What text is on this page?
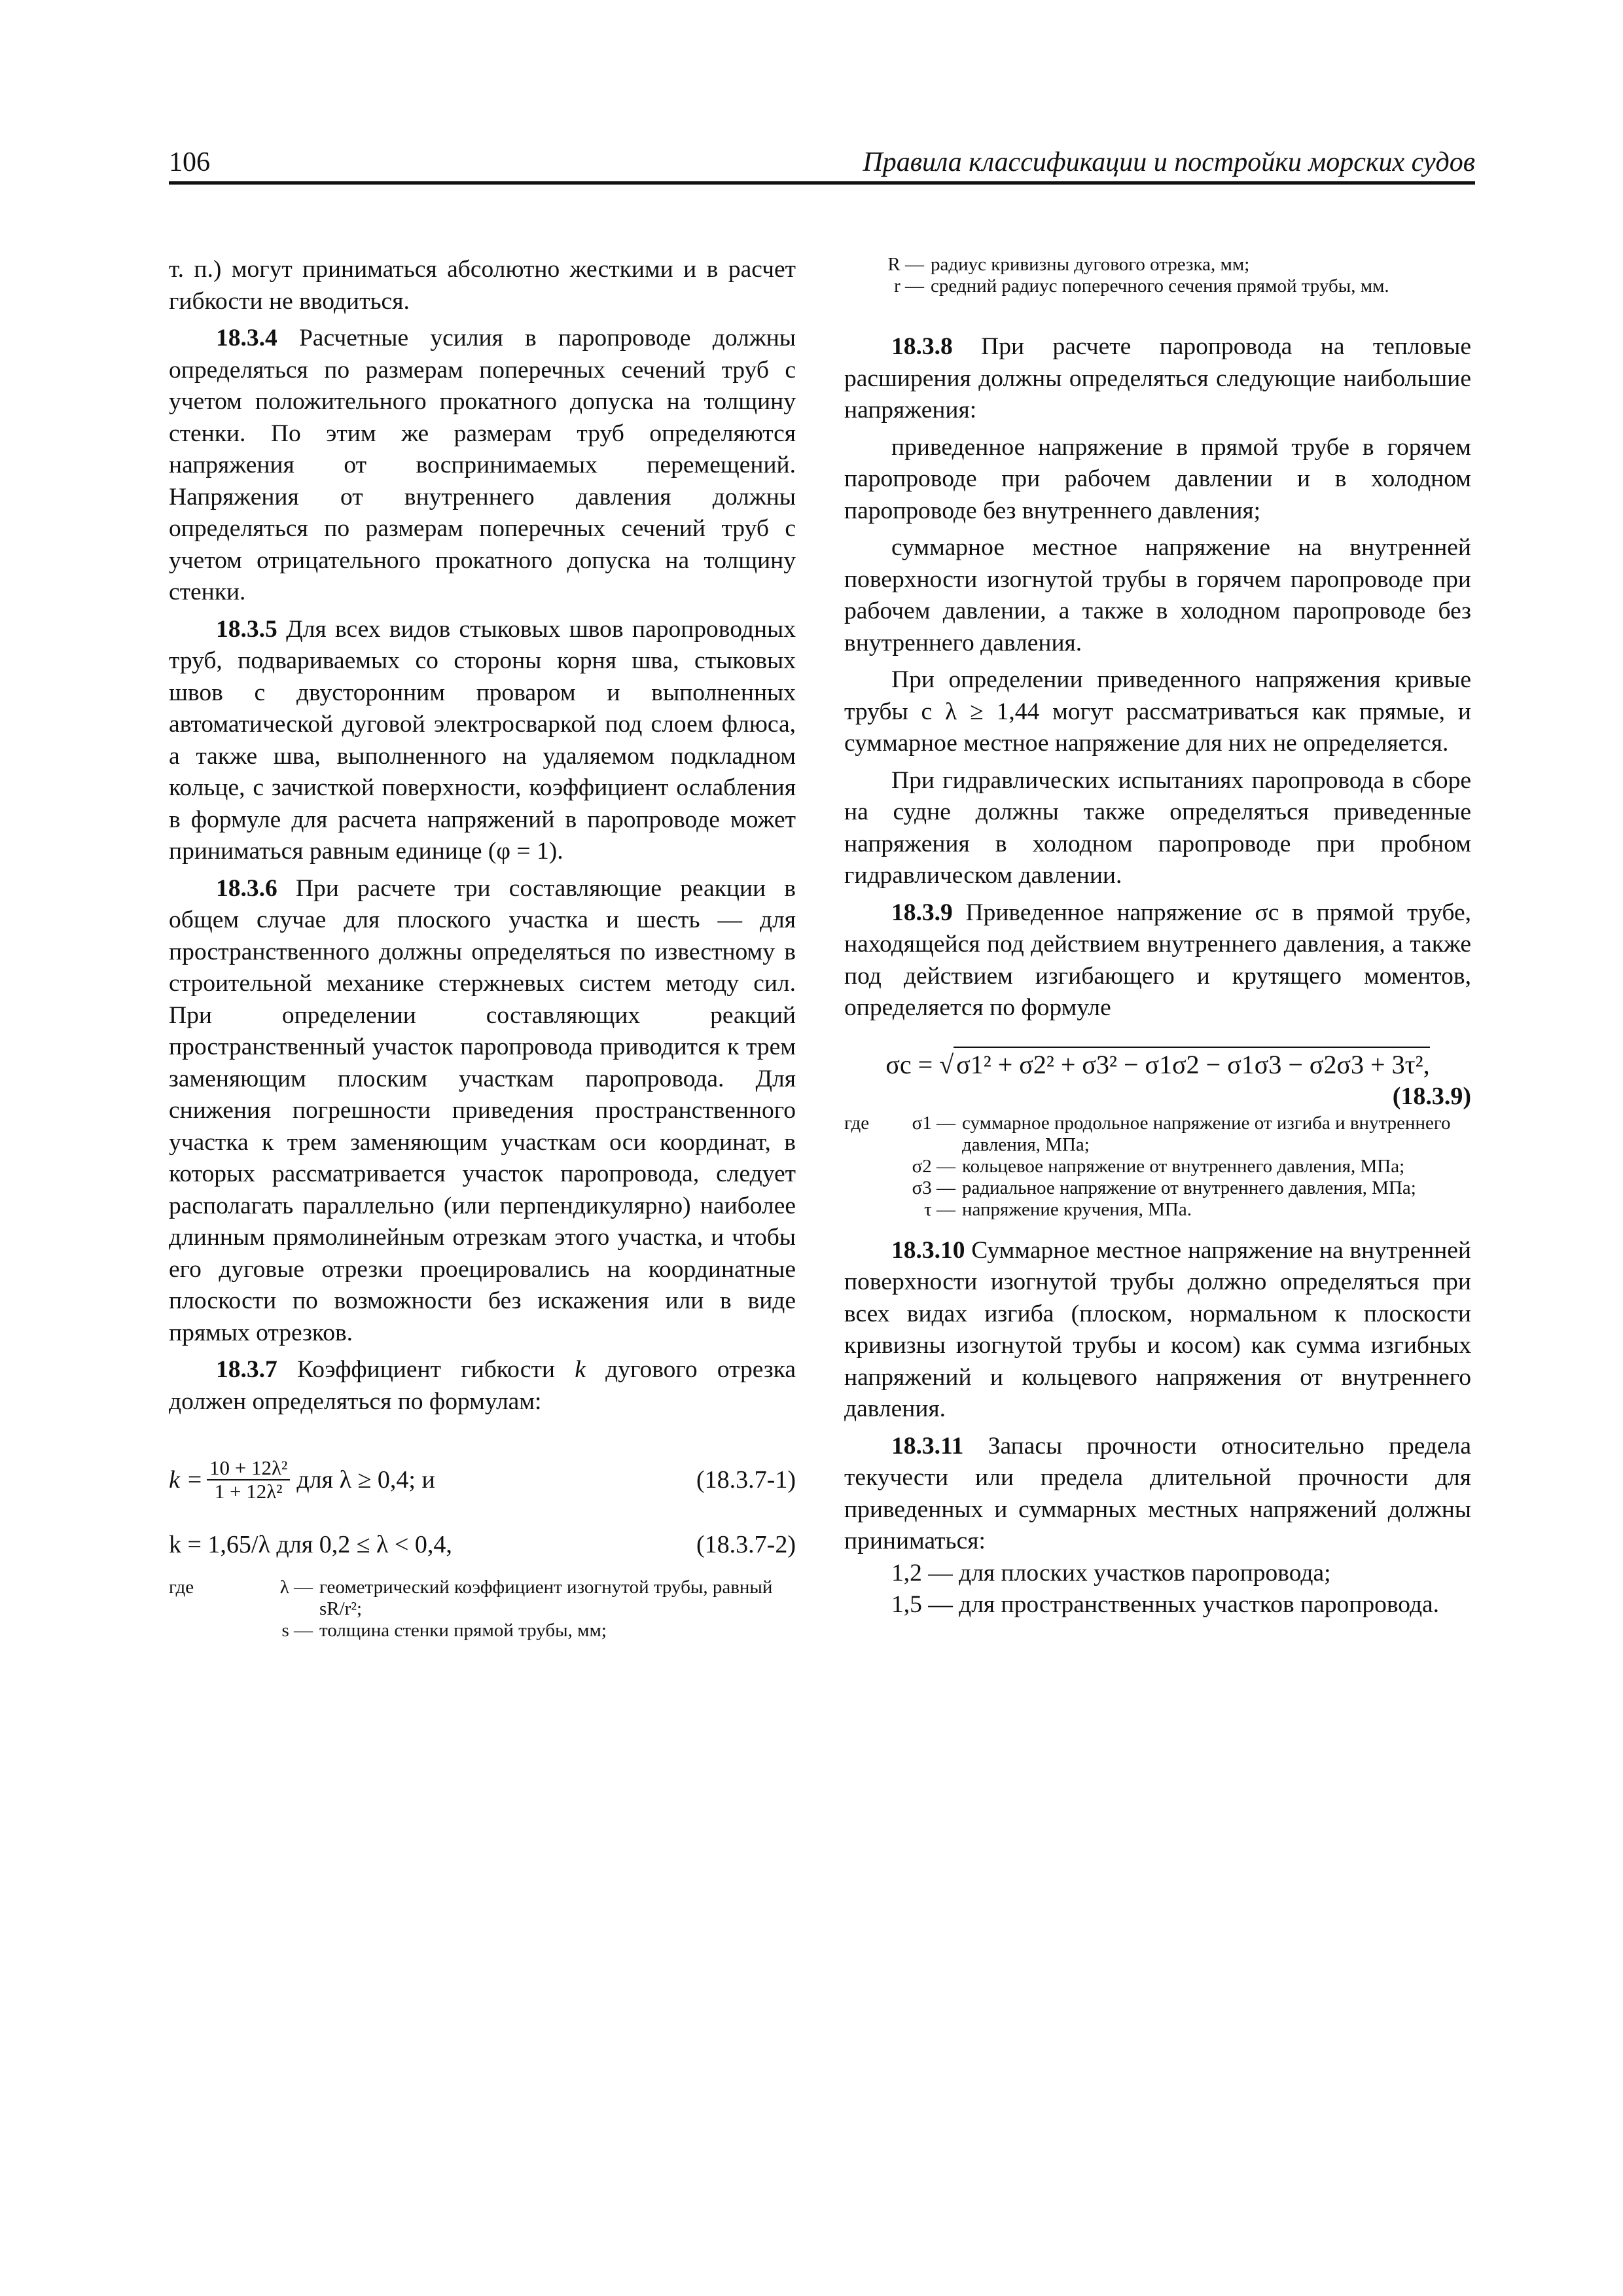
106	Правила классификации и постройки морских судов

т. п.) могут приниматься абсолютно жесткими и в расчет гибкости не вводиться.

18.3.4 Расчетные усилия в паропроводе должны определяться по размерам поперечных сечений труб с учетом положительного прокатного допуска на толщину стенки. По этим же размерам труб определяются напряжения от воспринимаемых перемещений. Напряжения от внутреннего давления должны определяться по размерам поперечных сечений труб с учетом отрицательного прокатного допуска на толщину стенки.

18.3.5 Для всех видов стыковых швов паропроводных труб, подвариваемых со стороны корня шва, стыковых швов с двусторонним проваром и выполненных автоматической дуговой электросваркой под слоем флюса, а также шва, выполненного на удаляемом подкладном кольце, с зачисткой поверхности, коэффициент ослабления в формуле для расчета напряжений в паропроводе может приниматься равным единице (φ = 1).

18.3.6 При расчете три составляющие реакции в общем случае для плоского участка и шесть — для пространственного должны определяться по известному в строительной механике стержневых систем методу сил. При определении составляющих реакций пространственный участок паропровода приводится к трем заменяющим плоским участкам паропровода. Для снижения погрешности приведения пространственного участка к трем заменяющим участкам оси координат, в которых рассматривается участок паропровода, следует располагать параллельно (или перпендикулярно) наиболее длинным прямолинейным отрезкам этого участка, и чтобы его дуговые отрезки проецировались на координатные плоскости по возможности без искажения или в виде прямых отрезков.

18.3.7 Коэффициент гибкости k дугового отрезка должен определяться по формулам:

$k = \frac{\text{10 + 12λ²}}{\text{1 + 12λ²}}$ для λ ≥ 0,4; и	(18.3.7-1)
k = 1,65/λ для 0,2 ≤ λ < 0,4,	(18.3.7-2)
где	λ — геометрический коэффициент изогнутой трубы, равный sR/r²;
s — толщина стенки прямой трубы, мм;
R — радиус кривизны дугового отрезка, мм;
r — средний радиус поперечного сечения прямой трубы, мм.

18.3.8 При расчете паропровода на тепловые расширения должны определяться следующие наибольшие напряжения:

приведенное напряжение в прямой трубе в горячем паропроводе при рабочем давлении и в холодном паропроводе без внутреннего давления;

суммарное местное напряжение на внутренней поверхности изогнутой трубы в горячем паропроводе при рабочем давлении, а также в холодном паропроводе без внутреннего давления.

При определении приведенного напряжения кривые трубы с λ ≥ 1,44 могут рассматриваться как прямые, и суммарное местное напряжение для них не определяется.

При гидравлических испытаниях паропровода в сборе на судне должны также определяться приведенные напряжения в холодном паропроводе при пробном гидравлическом давлении.

18.3.9 Приведенное напряжение σc в прямой трубе, находящейся под действием внутреннего давления, а также под действием изгибающего и крутящего моментов, определяется по формуле

σc = √ σ1² + σ2² + σ3² − σ1σ2 − σ1σ3 − σ2σ3 + 3τ²,

(18.3.9)

где	σ1 — суммарное продольное напряжение от изгиба и внутреннего давления, МПа;
σ2 — кольцевое напряжение от внутреннего давления, МПа;
σ3 — радиальное напряжение от внутреннего давления, МПа;
τ — напряжение кручения, МПа.

18.3.10 Суммарное местное напряжение на внутренней поверхности изогнутой трубы должно определяться при всех видах изгиба (плоском, нормальном к плоскости кривизны изогнутой трубы и косом) как сумма изгибных напряжений и кольцевого напряжения от внутреннего давления.

18.3.11 Запасы прочности относительно предела текучести или предела длительной прочности для приведенных и суммарных местных напряжений должны приниматься:

1,2 — для плоских участков паропровода;

1,5 — для пространственных участков паропровода.
